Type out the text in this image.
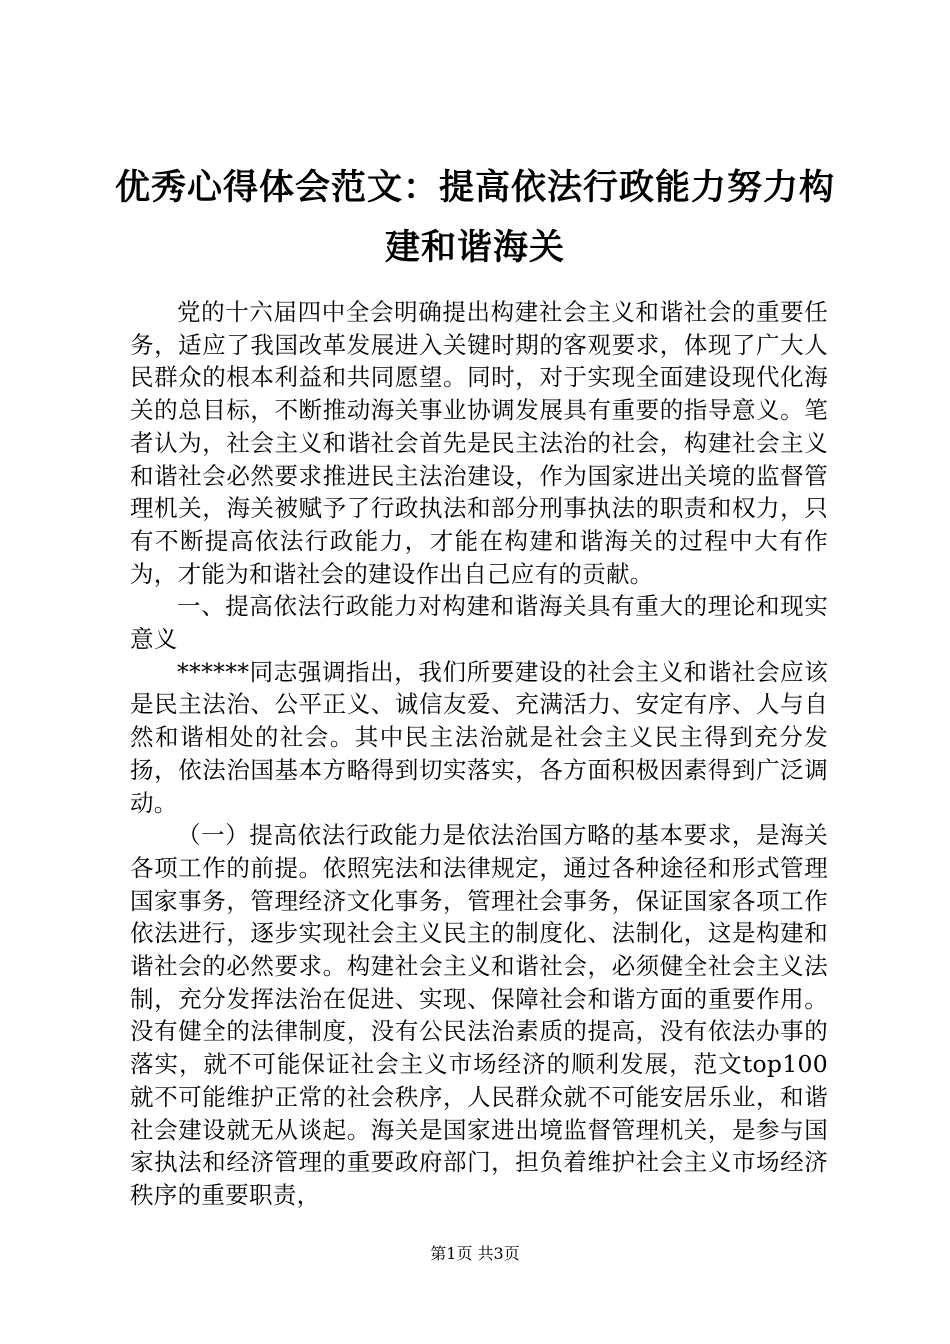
优秀心得体会范文：提高依法行政能力努力构建和谐海关

党的十六届四中全会明确提出构建社会主义和谐社会的重要任务，适应了我国改革发展进入关键时期的客观要求，体现了广大人民群众的根本利益和共同愿望。同时，对于实现全面建设现代化海关的总目标，不断推动海关事业协调发展具有重要的指导意义。笔者认为，社会主义和谐社会首先是民主法治的社会，构建社会主义和谐社会必然要求推进民主法治建设，作为国家进出关境的监督管理机关，海关被赋予了行政执法和部分刑事执法的职责和权力，只有不断提高依法行政能力，才能在构建和谐海关的过程中大有作为，才能为和谐社会的建设作出自己应有的贡献。

一、提高依法行政能力对构建和谐海关具有重大的理论和现实意义

******同志强调指出，我们所要建设的社会主义和谐社会应该是民主法治、公平正义、诚信友爱、充满活力、安定有序、人与自然和谐相处的社会。其中民主法治就是社会主义民主得到充分发扬，依法治国基本方略得到切实落实，各方面积极因素得到广泛调动。

（一）提高依法行政能力是依法治国方略的基本要求，是海关各项工作的前提。依照宪法和法律规定，通过各种途径和形式管理国家事务，管理经济文化事务，管理社会事务，保证国家各项工作依法进行，逐步实现社会主义民主的制度化、法制化，这是构建和谐社会的必然要求。构建社会主义和谐社会，必须健全社会主义法制，充分发挥法治在促进、实现、保障社会和谐方面的重要作用。没有健全的法律制度，没有公民法治素质的提高，没有依法办事的落实，就不可能保证社会主义市场经济的顺利发展，范文top100就不可能维护正常的社会秩序，人民群众就不可能安居乐业，和谐社会建设就无从谈起。海关是国家进出境监督管理机关，是参与国家执法和经济管理的重要政府部门，担负着维护社会主义市场经济秩序的重要职责，

第1页 共3页
